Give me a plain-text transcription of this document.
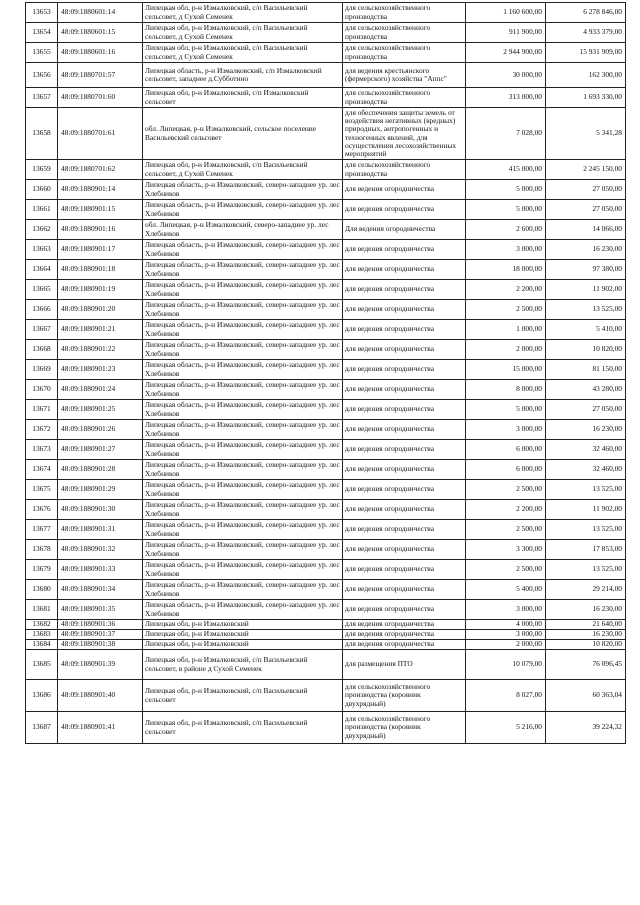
13653	48:09:1880601:14	Липецкая обл, р-н Измалковский, с/п Васильевский сельсовет, д Сухой Семенек	для сельскохозяйственного производства	1 160 600,00	6 278 846,00
13654	48:09:1880601:15	Липецкая обл, р-н Измалковский, с/п Васильевский сельсовет, д Сухой Семенек	для сельскохозяйственного производства	911 900,00	4 933 379,00
13655	48:09:1880601:16	Липецкая обл, р-н Измалковский, с/п Васильевский сельсовет, д Сухой Семенек	для сельскохозяйственного производства	2 944 900,00	15 931 909,00
13656	48:09:1880701:57	Липецкая область, р-н Измалковский, с/п Измалковский сельсовет, западнее д.Субботино	для ведения крестьянского (фермерского) хозяйства "Аппс"	30 000,00	162 300,00
13657	48:09:1880701:60	Липецкая обл, р-н Измалковский, с/п Измалковский сельсовет	для сельскохозяйственного производства	313 000,00	1 693 330,00
13658	48:09:1880701:61	обл. Липецкая, р-н Измалковский, сельское поселение Васильевский сельсовет	для обеспечения защиты земель от воздействия негативных (вредных) природных, антропогенных и техногенных явлений, для осуществления лесохозяйственных мероприятий	7 028,00	5 341,28
13659	48:09:1880701:62	Липецкая обл, р-н Измалковский, с/п Васильевский сельсовет, д Сухой Семенек	для сельскохозяйственного производства	415 000,00	2 245 150,00
13660	48:09:1880901:14	Липецкая область, р-н Измалковский, северо-западнее ур. лес Хлебников	для ведения огородничества	5 000,00	27 050,00
13661	48:09:1880901:15	Липецкая область, р-н Измалковский, северо-западнее ур. лес Хлебников	для ведения огородничества	5 000,00	27 050,00
13662	48:09:1880901:16	обл. Липецкая, р-н Измалковский, северо-западнее ур. лес Хлебников	Для ведения огородничества	2 600,00	14 066,00
13663	48:09:1880901:17	Липецкая область, р-н Измалковский, северо-западнее ур. лес Хлебников	для ведения огородничества	3 000,00	16 230,00
13664	48:09:1880901:18	Липецкая область, р-н Измалковский, северо-западнее ур. лес Хлебников	для ведения огородничества	18 000,00	97 380,00
13665	48:09:1880901:19	Липецкая область, р-н Измалковский, северо-западнее ур. лес Хлебников	для ведения огородничества	2 200,00	11 902,00
13666	48:09:1880901:20	Липецкая область, р-н Измалковский, северо-западнее ур. лес Хлебников	для ведения огородничества	2 500,00	13 525,00
13667	48:09:1880901:21	Липецкая область, р-н Измалковский, северо-западнее ур. лес Хлебников	для ведения огородничества	1 000,00	5 410,00
13668	48:09:1880901:22	Липецкая область, р-н Измалковский, северо-западнее ур. лес Хлебников	для ведения огородничества	2 000,00	10 820,00
13669	48:09:1880901:23	Липецкая область, р-н Измалковский, северо-западнее ур. лес Хлебников	для ведения огородничества	15 000,00	81 150,00
13670	48:09:1880901:24	Липецкая область, р-н Измалковский, северо-западнее ур. лес Хлебников	для ведения огородничества	8 000,00	43 280,00
13671	48:09:1880901:25	Липецкая область, р-н Измалковский, северо-западнее ур. лес Хлебников	для ведения огородничества	5 000,00	27 050,00
13672	48:09:1880901:26	Липецкая область, р-н Измалковский, северо-западнее ур. лес Хлебников	для ведения огородничества	3 000,00	16 230,00
13673	48:09:1880901:27	Липецкая область, р-н Измалковский, северо-западнее ур. лес Хлебников	для ведения огородничества	6 000,00	32 460,00
13674	48:09:1880901:28	Липецкая область, р-н Измалковский, северо-западнее ур. лес Хлебников	для ведения огородничества	6 000,00	32 460,00
13675	48:09:1880901:29	Липецкая область, р-н Измалковский, северо-западнее ур. лес Хлебников	для ведения огородничества	2 500,00	13 525,00
13676	48:09:1880901:30	Липецкая область, р-н Измалковский, северо-западнее ур. лес Хлебников	для ведения огородничества	2 200,00	11 902,00
13677	48:09:1880901:31	Липецкая область, р-н Измалковский, северо-западнее ур. лес Хлебников	для ведения огородничества	2 500,00	13 525,00
13678	48:09:1880901:32	Липецкая область, р-н Измалковский, северо-западнее ур. лес Хлебников	для ведения огородничества	3 300,00	17 853,00
13679	48:09:1880901:33	Липецкая область, р-н Измалковский, северо-западнее ур. лес Хлебников	для ведения огородничества	2 500,00	13 525,00
13680	48:09:1880901:34	Липецкая область, р-н Измалковский, северо-западнее ур. лес Хлебников	для ведения огородничества	5 400,00	29 214,00
13681	48:09:1880901:35	Липецкая область, р-н Измалковский, северо-западнее ур. лес Хлебников	для ведения огородничества	3 000,00	16 230,00
13682	48:09:1880901:36	Липецкая обл, р-н Измалковский	для ведения огородничества	4 000,00	21 640,00
13683	48:09:1880901:37	Липецкая обл, р-н Измалковский	для ведения огородничества	3 000,00	16 230,00
13684	48:09:1880901:38	Липецкая обл, р-н Измалковский	для ведения огородничества	2 000,00	10 820,00
13685	48:09:1880901:39	Липецкая обл, р-н Измалковский, с/п Васильевский сельсовет, в районе д Сухой Семенек	для размещения ПТО	10 079,00	76 096,45
13686	48:09:1880901:40	Липецкая обл, р-н Измалковский, с/п Васильевский сельсовет	для сельскохозяйственного производства (коровник двухрядный)	8 027,00	60 363,04
13687	48:09:1880901:41	Липецкая обл, р-н Измалковский, с/п Васильевский сельсовет	для сельскохозяйственного производства (коровник двухрядный)	5 216,00	39 224,32
